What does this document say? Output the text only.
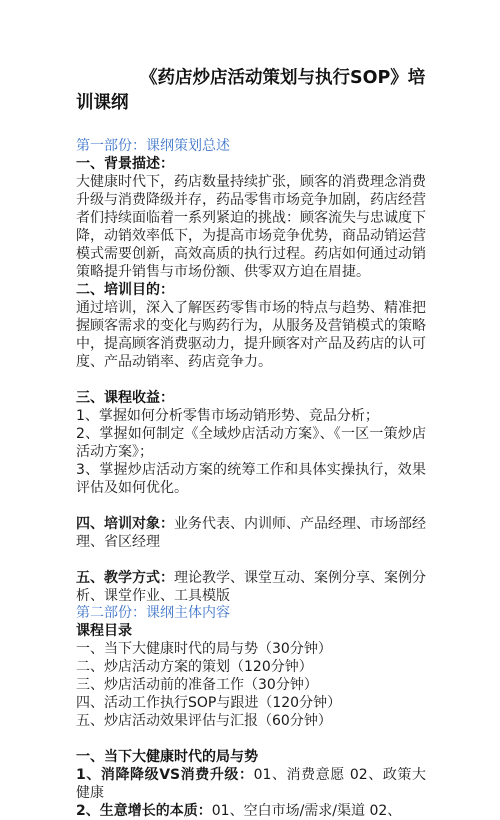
《药店炒店活动策划与执行SOP》培
训课纲

第一部份：课纲策划总述

一、背景描述：

大健康时代下，药店数量持续扩张，顾客的消费理念消费升级与消费降级并存，药品零售市场竞争加剧，药店经营者们持续面临着一系列紧迫的挑战：顾客流失与忠诚度下降，动销效率低下，为提高市场竞争优势，商品动销运营模式需要创新，高效高质的执行过程。药店如何通过动销策略提升销售与市场份额、供零双方迫在眉捷。

二、培训目的：

通过培训，深入了解医药零售市场的特点与趋势、精准把握顾客需求的变化与购药行为，从服务及营销模式的策略中，提高顾客消费驱动力，提升顾客对产品及药店的认可度、产品动销率、药店竞争力。

三、课程收益：

1、掌握如何分析零售市场动销形势、竞品分析；

2、掌握如何制定《全域炒店活动方案》、《一区一策炒店活动方案》；

3、掌握炒店活动方案的统筹工作和具体实操执行，效果评估及如何优化。

四、培训对象：业务代表、内训师、产品经理、市场部经理、省区经理

五、教学方式：理论教学、课堂互动、案例分享、案例分析、课堂作业、工具模版

第二部份：课纲主体内容

课程目录

一、当下大健康时代的局与势（30分钟）

二、炒店活动方案的策划（120分钟）

三、炒店活动前的准备工作（30分钟）

四、活动工作执行SOP与跟进（120分钟）

五、炒店活动效果评估与汇报（60分钟）

一、当下大健康时代的局与势

1、消降降级VS消费升级：01、消费意愿 02、政策大健康

2、生意增长的本质：01、空白市场/需求/渠道 02、
